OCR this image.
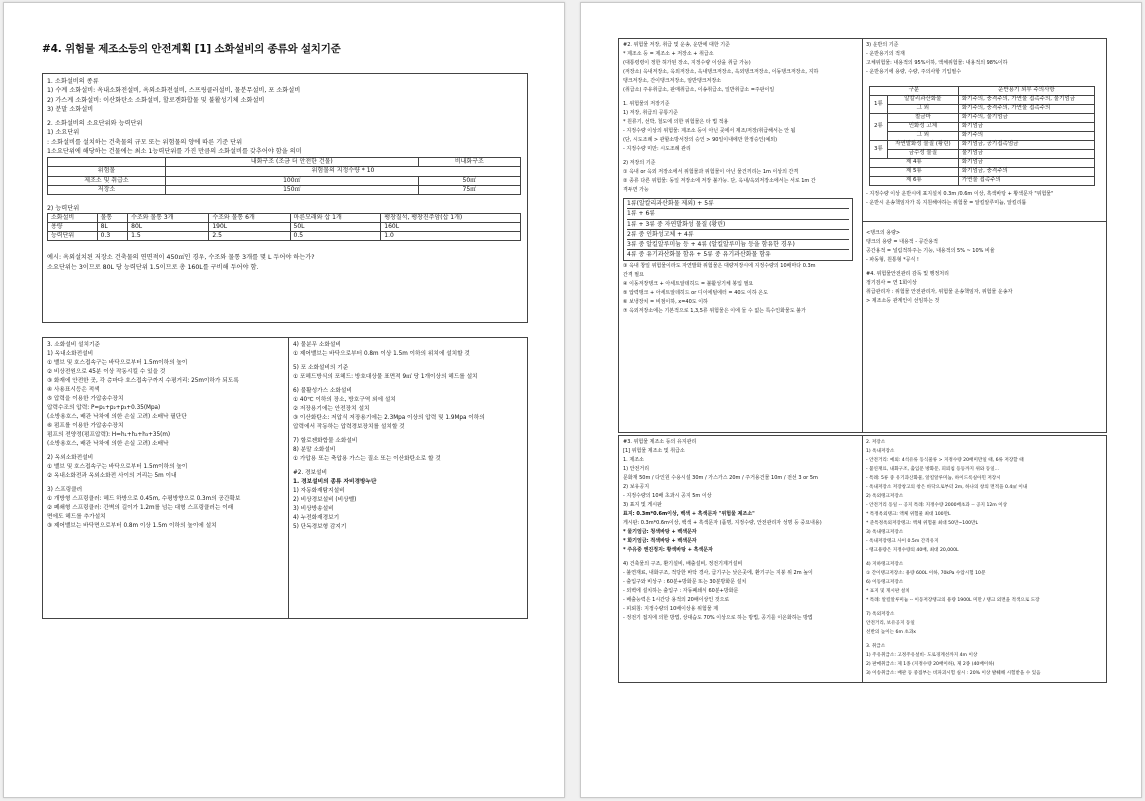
#4. 위험물 제조소등의 안전계획 [1] 소화설비의 종류와 설치기준

1. 소화설비의 종류

1) 수계 소화설비: 옥내소화전설비, 옥외소화전설비, 스프링클러설비, 물분무설비, 포 소화설비

2) 가스계 소화설비: 이산화탄소 소화설비, 할로겐화합물 및 불활성기체 소화설비

3) 분말 소화설비

2. 소화설비의 소요단위와 능력단위

1) 소요단위

: 소화설비를 설치하는 건축물의 규모 또는 위험물의 양에 따른 기준 단위

1소요단위에 해당하는 건물에는 최소 1능력단위를 가진 만큼의 소화설비를 갖추어야 함을 의미

	내화구조 (조금 더 안전한 건물)	비내화구조
위험물	위험물의 지정수량 * 10	
제조소 및 취급소	100㎡	50㎡
저장소	150㎡	75㎡

2) 능력단위

소화설비	물통	수조와 물통 3개	수조와 물통 6개	마른모래와 삽 1개	팽창질석, 팽창진주암(삽 1개)
용량	8L	80L	190L	50L	160L
능력단위	0.3	1.5	2.5	0.5	1.0

예시: 옥외설치된 저장소 건축물의 연면적이 450㎡인 경우, 수조와 물통 3개를 몇 L 두어야 하는가?

소요단위는 3이므로 80L 당 능력단위 1.5이므로 총 160L를 구비해 두어야 함.

3. 소화설비 설치기준

1) 옥내소화전설비

① 밸브 및 호스접속구는 바닥으로부터 1.5m이하의 높이

② 비상전원으로 45분 이상 작동시킬 수 있을 것

③ 화재에 안전한 곳, 각 층마다 호스접속구까지 수평거리: 25m이하가 되도록

④ 사용표시등은 적색

⑤ 압력을 이용한 가압송수장치

압력수조의 압력: P=p₁+p₂+p₃+0.35(Mpa)

(소방용호스, 배관 낙차에 의한 손실 고려) 소배낙 필단단

⑥ 펌프를 이용한 가압송수장치

펌프의 전양정(펌프압력): H=h₁+h₂+h₃+35(m)

(소방용호스, 배관 낙차에 의한 손실 고려) 소배낙

2) 옥외소화전설비

① 밸브 및 호스접속구는 바닥으로부터 1.5m이하의 높이

② 옥내소화전과 옥외소화전 사이의 거리는 5m 이내

3) 스프링클러

① 개방형 스프링클러: 헤드 하방으로 0.45m, 수평방향으로 0.3m의 공간확보

② 폐쇄형 스프링클러: 간벽의 길이가 1.2m를 넘는 대형 스프링클러는 이래

면에도 헤드를 추가설치

③ 제어밸브는 바닥면으로부터 0.8m 이상 1.5m 이하의 높이에 설치

4) 물분무 소화설비

① 제어밸브는 바닥으로부터 0.8m 이상 1.5m 이하의 위치에 설치할 것

5) 포 소화설비의 기준

① 포헤드방식의 포헤드: 방호대상물 표면적 9㎡ 당 1개이상의 헤드를 설치

6) 불활성가스 소화설비

① 40℃ 이하의 장소, 방호구역 외에 설치

② 저장용기에는 안전장치 설치

③ 이산화탄소: 저압식 저장용기에는 2.3Mpa 이상의 압력 및 1.9Mpa 이하의

압력에서 작동하는 압력경보장치를 설치할 것

7) 할로젠화합물 소화설비

8) 분말 소화설비

① 가압용 또는 축압용 가스는 질소 또는 이산화탄소로 할 것

#2. 경보설비

1. 경보설비의 종류 자비경방누단

1) 자동화재탐지설비

2) 비상경보설비 (비상벨)

3) 비상방송설비

4) 누전화재경보기

5) 단독경보형 감지기

#2. 위험물 저장, 취급 및 운송, 운반에 대한 기준

* 제조소 등 = 제조소 + 저장소 + 취급소

(대통령령이 정한 허가된 장소, 지정수량 이상을 취급 가능)

(저장소) 옥내저장소, 옥외저장소, 옥내탱크저장소, 옥외탱크저장소, 이동탱크저장소, 지하

탱크저장소, 간이탱크저장소, 암반탱크저장소

(취급소) 주유취급소, 판매취급소, 이송취급소, 일반취급소 =주판이일

1. 위험물의 저장기준

1) 저장, 취급의 공통기준

* 원류기, 선박, 철도에 의한 위험물은 타 법 적용

- 지정수량 이상의 위험물: 제조소 등이 아닌 곳에서 제조/저장/취급해서는 안 됨

(단, 시도조례 > 관할소방서장의 승인 > 90일이내에만 한정승인(예외)

- 지정수량 미만: 시도조례 관리

2) 저장의 기준

① 옥내 or 옥외 저장소에서 위험물과 위험물이 아닌 물건끼리는 1m 이상의 간격

② 종류 다른 위험물: 동일 저장소에 저장 불가능. 단, 옥내/옥외저장소에서는 서로 1m 간

격두면 가능

1류(알칼리과산화물 제외) + 5류

1류 + 6류

1류 + 3류 중 자연발화성 물질 (황린)

2류 중 인화성고체 + 4류

3류 중 알킬알루미늄 등 + 4류 (알킬알루미늄 등을 함유한 경우)

4류 중 유기과산화물 함유 + 5류 중 유기과산화물 함유

③ 옥내 창일 위험물이라도 자연발화 위험물은 대량저장시에 지정수량의 10배마다 0.3m

간격 필요

④ 이동저장탱크 + 아세트알데히드 = 불활성기체 봉입 필요

⑤ 압력탱크 + 아세트알데히드 or 디이에틸에터 = 40도 이하 온도

⑥ 보냉장치 = 비점이하, x=40도 이하

⑦ 옥외저장소에는 기본적으로 1,3,5류 위험물은 이에 둘 수 없는 특수인화물도 불가

3) 운반의 기준

- 운반용기의 적재

고체위험물: 내용적의 95%이하, 액체위험물: 내용적의 98%이하

- 운반용기에 용량, 수량, 주의사항 기입필수

구분		운반용기 외부 주의사항
1류	알칼리과산화물	화기주의, 충격주의, 가연물 접촉주의, 물기엄금
	그 외	화기주의, 충격주의, 가연물 접촉주의
2류	철금마	화기주의, 물기엄금
	인화성 고체	화기엄금
	그 외	화기주의
3류	자연발화성 물질 (황린)	화기엄금, 공기접촉엄금
	금수성 물질	물기엄금
제 4류		화기엄금
제 5류		화기엄금, 충격주의
제 6류		가연물 접촉주의

- 지정수량 이상 운반시에 표지설치 0.3m /0.6m 이상, 흑색바탕 + 황색문자 "위험물"

- 운반시 운송책임자가 꼭 지원해야하는 위험물 = 알킬알루미늄, 알킬리튬

<탱크의 용량>

탱크의 용량 = 내용적 - 공간용적

공간용적 = 널림적하주는 기능, 내용적의 5% ~ 10% 비율

- 파동형, 원통형 *공식 !

#4. 위험물안전관리 감독 및 행정처리

정기검사 = 연 1회이상

취급관리자 : 위험물 안전관리자, 위험물 운송책임자, 위험물 운송자

> 제조소등 관계인이 선임하는 것

#3. 위험물 제조소 등의 유지관리

[1] 위험물 제조소 및 취급소

1. 제조소

1) 안전거리

문화재 50m / 다인원 수용시설 30m / 가스가스 20m / 주거용건물 10m / 전선 3 or 5m

2) 보유공지

- 지정수량의 10배 초과시 공지 5m 이상

3) 표지 및 게시판

표지: 0.3m*0.6m이상, 백색 + 흑색문자 "위험물 제조소"

게시판: 0.3m*0.6m이상, 백색 + 흑색문자 (품명, 지정수량, 안전관리자 성명 등 중요내용)

* 물기엄금: 청색바탕 + 백색문자

* 화기엄금: 적색바탕 + 백색문자

* 주유중 엔진정지: 황색바탕 + 흑색문자

4) 건축물의 구조, 환기설비, 배출설비, 정전기제거설비

- 불연재료, 내화구조, 적당한 바닥 경사, 급기구는 낮은곳에, 환기구는 지붕 위 2m 높이

- 출입구와 비상구 : 60분+방화문 또는 30분방화문 설치

- 외벽에 설치하는 출입구 : 자동폐쇄식 60분+방화문

- 배출능력은 1시간당 용적의 20배이상인 것으로

- 피뢰침: 지정수량의 10배이상용 위험물 제

- 정전기 접지에 의한 방법, 상대습도 70% 이상으로 하는 방법, 공기를 이온화하는 방법

2. 저장소

1) 옥내저장소

- 안전거리: 예외: 4석유류 동식물류 > 지정수량 20배미만일 때, 6류 저장할 때

- 불연재료, 내화구조, 출입문 방화문, 피뢰침 등등까지 위와 동일...

- 특례: 5류 중 유기과산화물, 알킬알루미늄, 하이드록실아민 저장시

- 옥내저장소 저장창고의 창은 바닥으로부터 2m, 하나의 창의 면적을 0.4㎡ 이내

2) 옥외탱크저장소

- 안전거리 동일 -- 공지 특례: 지정수량 2000배초과 -- 공지 12m 이상

* 특정옥외탱크: 액체 위험물 최대 100만L

* 준특정옥외저장탱크: 액체 위험물 최대 50만~100만L

3) 옥내탱크저장소

- 옥내저장탱크 사이 0.5m 간격유지

- 탱크용량은 지정수량의 40배, 최대 20,000L

4) 지하탱크저장소

① 간이탱크저장소: 용량 600L 이하, 70kPa 수압시험 10분

6) 이동탱크저장소

* 표지 및 게시판 설치

* 특례: 알킬알루미늄 -- 이동저장탱크의 용량 1900L 미만 / 탱크 외면을 적색으로 도장

7) 옥외저장소

안전거리, 보유공지 동일

선반의 높이는 6m 초과x

3. 취급소

1) 주유취급소: 고정주유설비- 도로경계선까지 4m 이상

2) 판매취급소: 제 1종 (지정수량 20배이하), 제 2종 (40배이하)

3) 이송취급소: 배관 등 중접부는 비파괴시험 실시 : 20% 이상 발췌해 시험받을 수 있음
